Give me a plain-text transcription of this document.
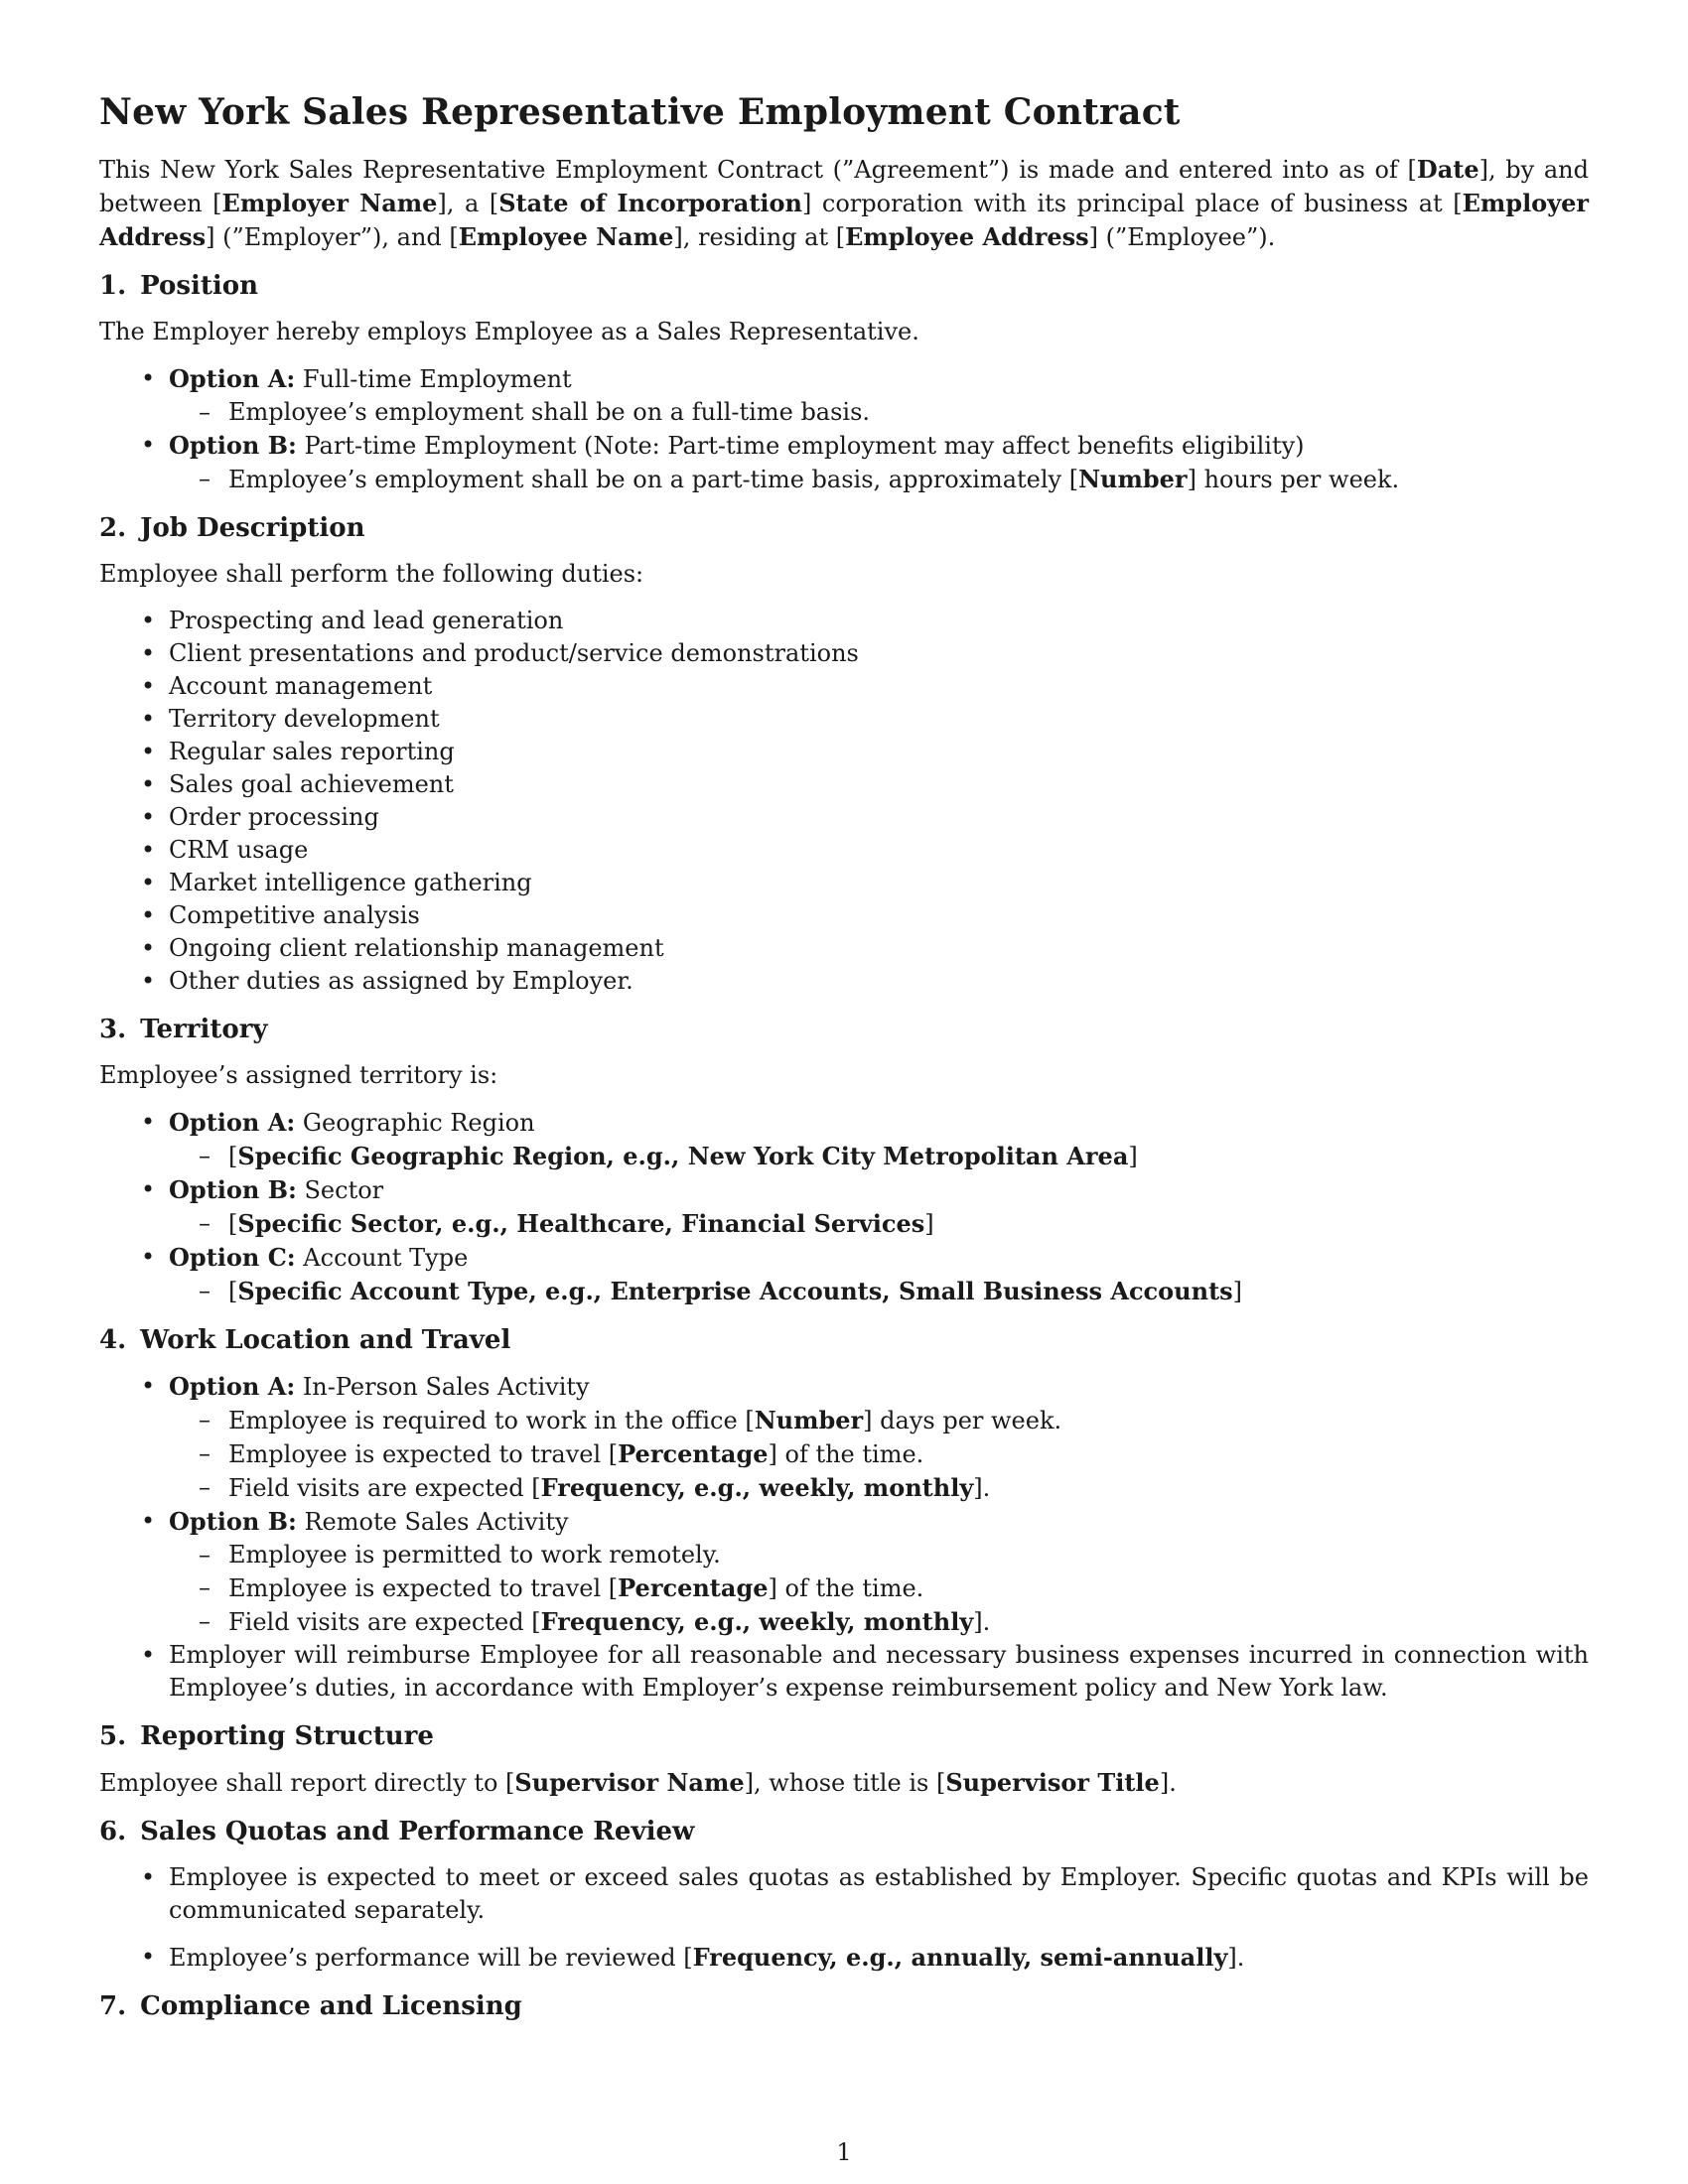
New York Sales Representative Employment Contract

This New York Sales Representative Employment Contract (”Agreement”) is made and entered into as of [Date], by and between [Employer Name], a [State of Incorporation] corporation with its principal place of business at [Employer Address] (”Employer”), and [Employee Name], residing at [Employee Address] (”Employee”).

1. Position

The Employer hereby employs Employee as a Sales Representative.

• Option A: Full-time Employment
– Employee’s employment shall be on a full-time basis.
• Option B: Part-time Employment (Note: Part-time employment may affect benefits eligibility)
– Employee’s employment shall be on a part-time basis, approximately [Number] hours per week.
2. Job Description

Employee shall perform the following duties:

• Prospecting and lead generation
• Client presentations and product/service demonstrations
• Account management
• Territory development
• Regular sales reporting
• Sales goal achievement
• Order processing
• CRM usage
• Market intelligence gathering
• Competitive analysis
• Ongoing client relationship management
• Other duties as assigned by Employer.
3. Territory

Employee’s assigned territory is:

• Option A: Geographic Region
– [Specific Geographic Region, e.g., New York City Metropolitan Area]
• Option B: Sector
– [Specific Sector, e.g., Healthcare, Financial Services]
• Option C: Account Type
– [Specific Account Type, e.g., Enterprise Accounts, Small Business Accounts]
4. Work Location and Travel
• Option A: In-Person Sales Activity
– Employee is required to work in the office [Number] days per week.
– Employee is expected to travel [Percentage] of the time.
– Field visits are expected [Frequency, e.g., weekly, monthly].
• Option B: Remote Sales Activity
– Employee is permitted to work remotely.
– Employee is expected to travel [Percentage] of the time.
– Field visits are expected [Frequency, e.g., weekly, monthly].
• Employer will reimburse Employee for all reasonable and necessary business expenses incurred in connection with Employee’s duties, in accordance with Employer’s expense reimbursement policy and New York law.
5. Reporting Structure

Employee shall report directly to [Supervisor Name], whose title is [Supervisor Title].

6. Sales Quotas and Performance Review
• Employee is expected to meet or exceed sales quotas as established by Employer. Specific quotas and KPIs will be communicated separately.
• Employee’s performance will be reviewed [Frequency, e.g., annually, semi-annually].
7. Compliance and Licensing
1
